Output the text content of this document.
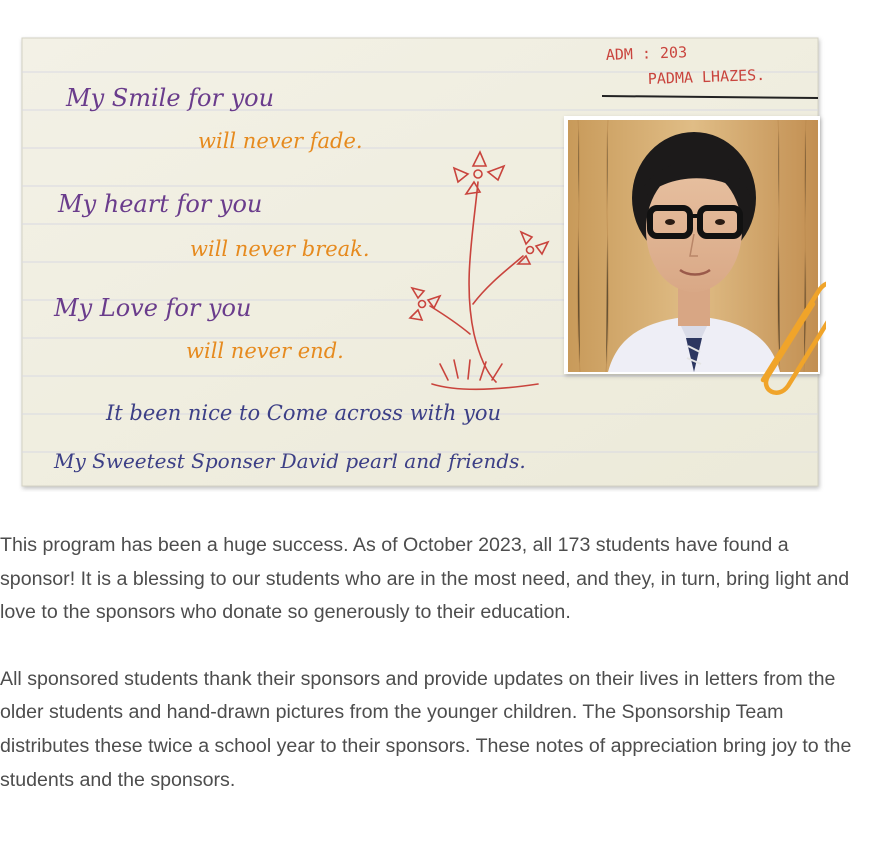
ADM : 203
PADMA LHAZES.
My Smile for you
will never fade.
My heart for you
will never break.
My Love for you
will never end.
It been nice to Come across with you
My Sweetest Sponser David pearl and friends.

This program has been a huge success. As of October 2023, all 173 students have found a sponsor! It is a blessing to our students who are in the most need, and they, in turn, bring light and love to the sponsors who donate so generously to their education.

All sponsored students thank their sponsors and provide updates on their lives in letters from the older students and hand-drawn pictures from the younger children. The Sponsorship Team distributes these twice a school year to their sponsors. These notes of appreciation bring joy to the students and the sponsors.
